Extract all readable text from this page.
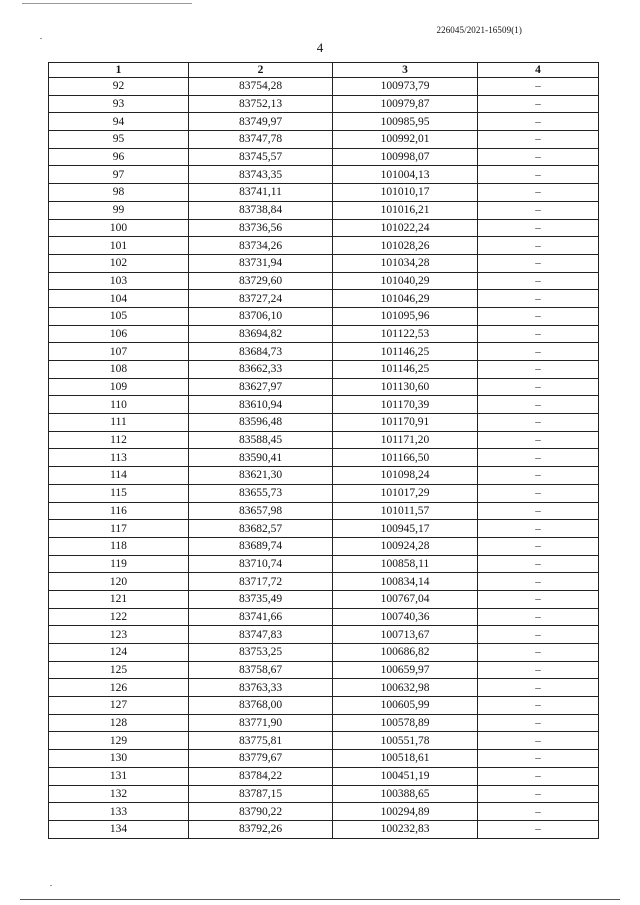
226045/2021-16509(1)
4
1	2	3	4
92	83754,28	100973,79	–
93	83752,13	100979,87	–
94	83749,97	100985,95	–
95	83747,78	100992,01	–
96	83745,57	100998,07	–
97	83743,35	101004,13	–
98	83741,11	101010,17	–
99	83738,84	101016,21	–
100	83736,56	101022,24	–
101	83734,26	101028,26	–
102	83731,94	101034,28	–
103	83729,60	101040,29	–
104	83727,24	101046,29	–
105	83706,10	101095,96	–
106	83694,82	101122,53	–
107	83684,73	101146,25	–
108	83662,33	101146,25	–
109	83627,97	101130,60	–
110	83610,94	101170,39	–
111	83596,48	101170,91	–
112	83588,45	101171,20	–
113	83590,41	101166,50	–
114	83621,30	101098,24	–
115	83655,73	101017,29	–
116	83657,98	101011,57	–
117	83682,57	100945,17	–
118	83689,74	100924,28	–
119	83710,74	100858,11	–
120	83717,72	100834,14	–
121	83735,49	100767,04	–
122	83741,66	100740,36	–
123	83747,83	100713,67	–
124	83753,25	100686,82	–
125	83758,67	100659,97	–
126	83763,33	100632,98	–
127	83768,00	100605,99	–
128	83771,90	100578,89	–
129	83775,81	100551,78	–
130	83779,67	100518,61	–
131	83784,22	100451,19	–
132	83787,15	100388,65	–
133	83790,22	100294,89	–
134	83792,26	100232,83	–
